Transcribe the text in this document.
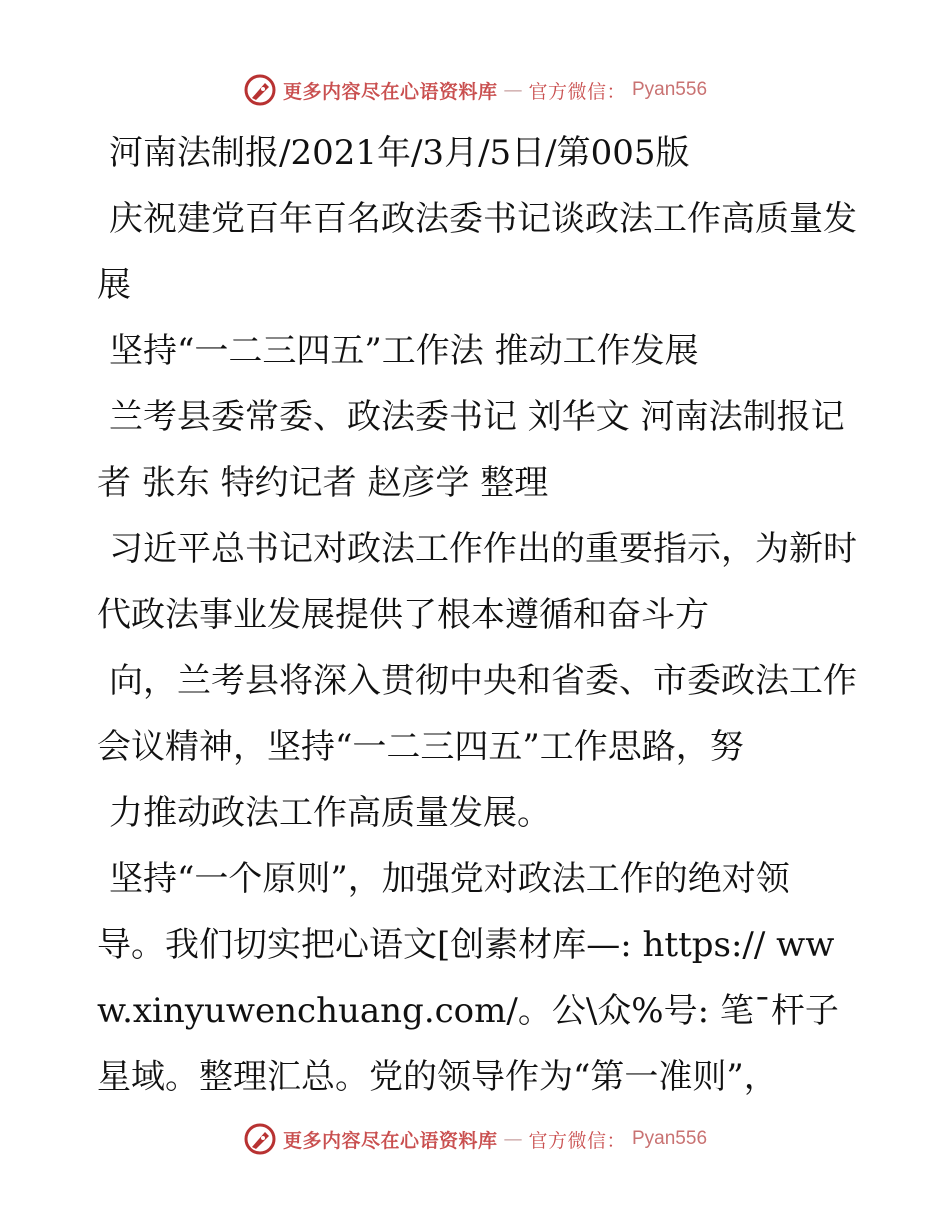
更多内容尽在心语资料库 — 官方微信： Pyan556

河南法制报/2021年/3月/5日/第005版

庆祝建党百年百名政法委书记谈政法工作高质量发展

坚持“一二三四五”工作法 推动工作发展

兰考县委常委、政法委书记 刘华文 河南法制报记者 张东 特约记者 赵彦学 整理

习近平总书记对政法工作作出的重要指示，为新时代政法事业发展提供了根本遵循和奋斗方

向，兰考县将深入贯彻中央和省委、市委政法工作会议精神，坚持“一二三四五”工作思路，努

力推动政法工作高质量发展。

坚持“一个原则”，加强党对政法工作的绝对领导。我们切实把心语文[创素材库—: https:// www.xinyuwenchuang.com/。公\众%号: 笔¯杆子星域。整理汇总。党的领导作为“第一准则”，

更多内容尽在心语资料库 — 官方微信： Pyan556
